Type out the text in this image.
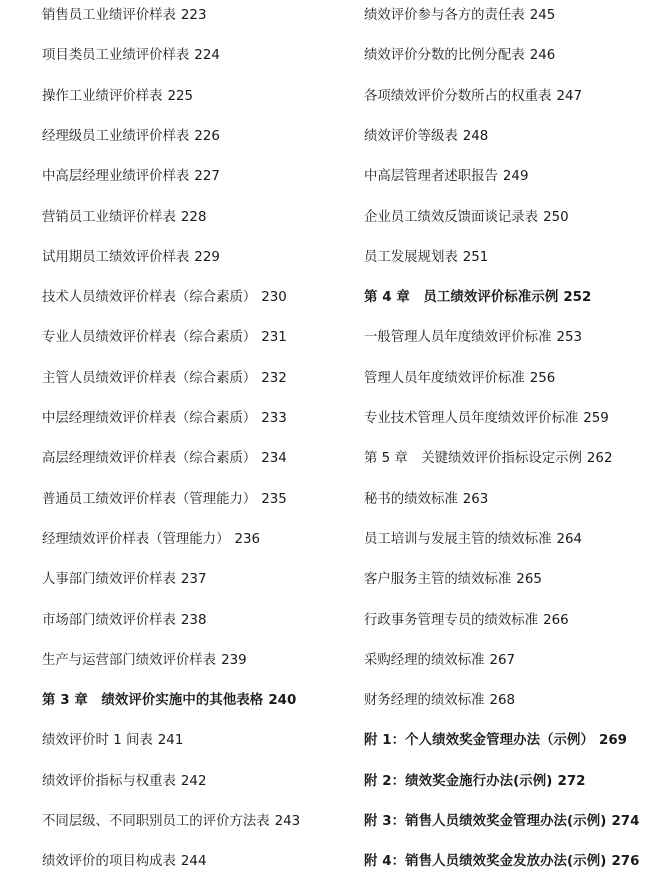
销售员工业绩评价样表 223
项目类员工业绩评价样表 224
操作工业绩评价样表 225
经理级员工业绩评价样表 226
中高层经理业绩评价样表 227
营销员工业绩评价样表 228
试用期员工绩效评价样表 229
技术人员绩效评价样表（综合素质） 230
专业人员绩效评价样表（综合素质） 231
主管人员绩效评价样表（综合素质） 232
中层经理绩效评价样表（综合素质） 233
高层经理绩效评价样表（综合素质） 234
普通员工绩效评价样表（管理能力） 235
经理绩效评价样表（管理能力） 236
人事部门绩效评价样表 237
市场部门绩效评价样表 238
生产与运营部门绩效评价样表 239
第 3 章　绩效评价实施中的其他表格 240
绩效评价时 1 间表 241
绩效评价指标与权重表 242
不同层级、不同职别员工的评价方法表 243
绩效评价的项目构成表 244
绩效评价参与各方的责任表 245
绩效评价分数的比例分配表 246
各项绩效评价分数所占的权重表 247
绩效评价等级表 248
中高层管理者述职报告 249
企业员工绩效反馈面谈记录表 250
员工发展规划表 251
第 4 章　员工绩效评价标准示例 252
一般管理人员年度绩效评价标准 253
管理人员年度绩效评价标准 256
专业技术管理人员年度绩效评价标准 259
第 5 章　关键绩效评价指标设定示例 262
秘书的绩效标准 263
员工培训与发展主管的绩效标准 264
客户服务主管的绩效标准 265
行政事务管理专员的绩效标准 266
采购经理的绩效标准 267
财务经理的绩效标准 268
附 1：个人绩效奖金管理办法（示例） 269
附 2：绩效奖金施行办法(示例) 272
附 3：销售人员绩效奖金管理办法(示例) 274
附 4：销售人员绩效奖金发放办法(示例) 276
